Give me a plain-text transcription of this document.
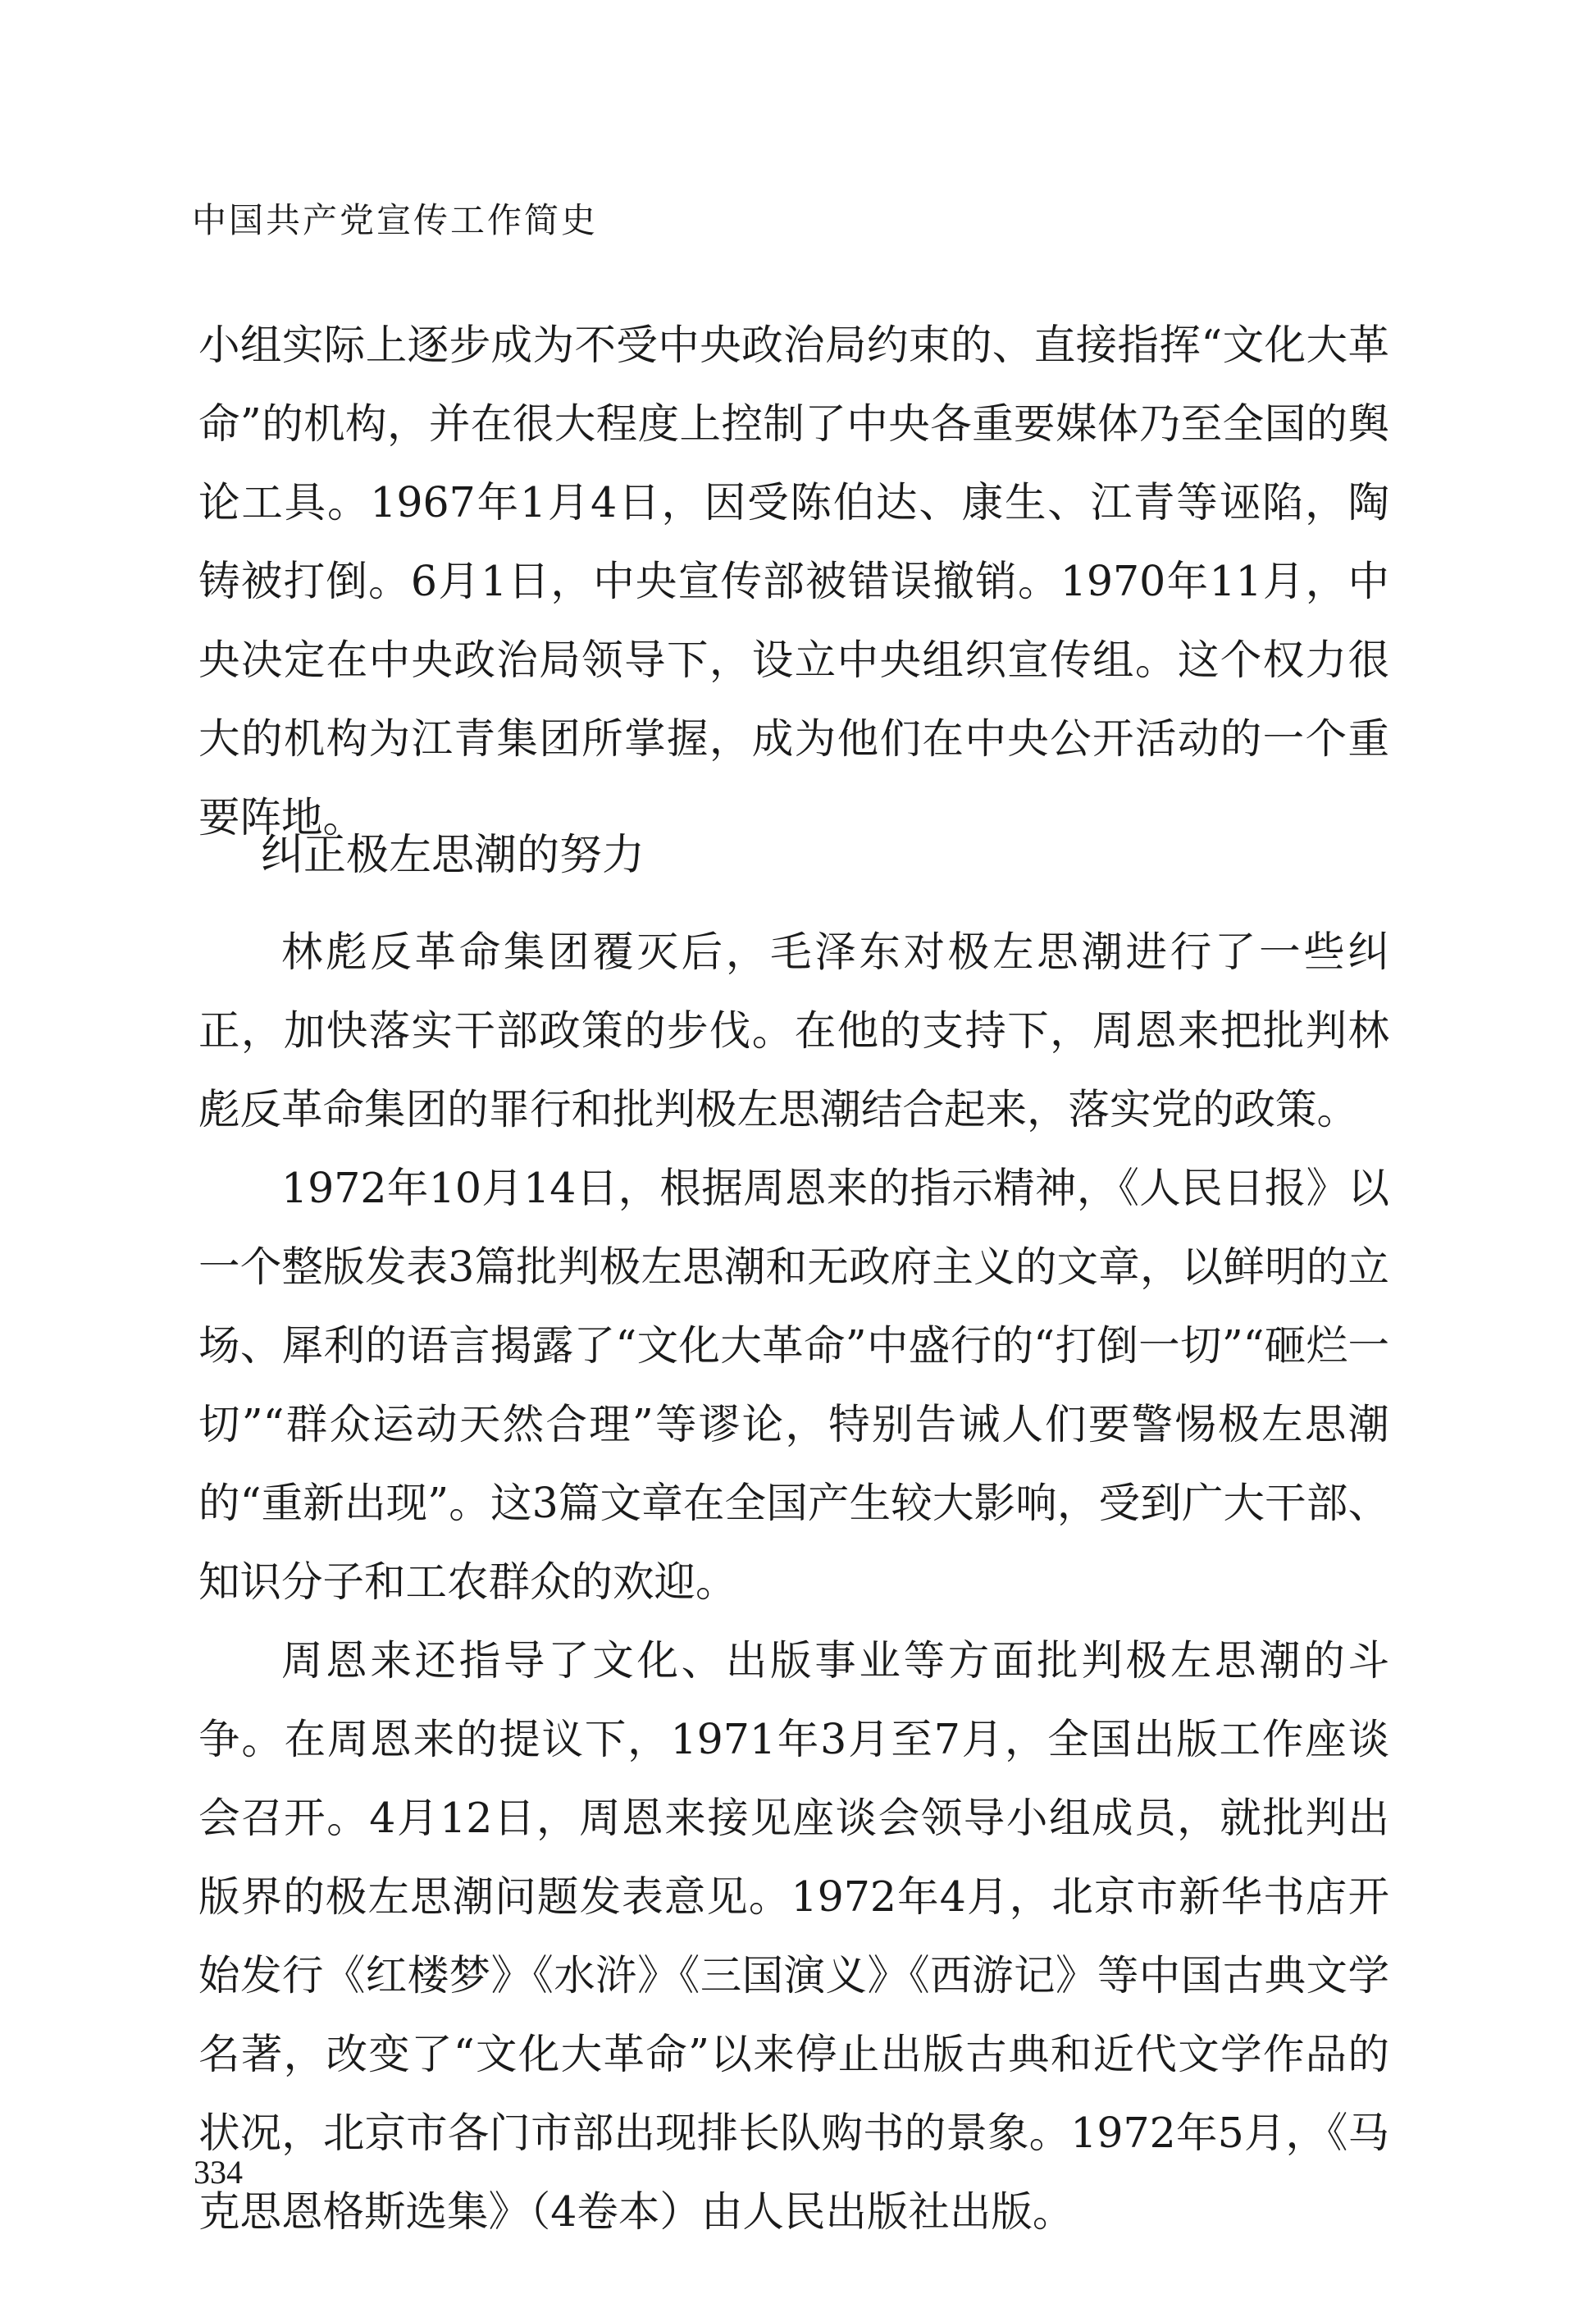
中国共产党宣传工作简史

小组实际上逐步成为不受中央政治局约束的、直接指挥“文化大革命”的机构，并在很大程度上控制了中央各重要媒体乃至全国的舆论工具。1967年1月4日，因受陈伯达、康生、江青等诬陷，陶铸被打倒。6月1日，中央宣传部被错误撤销。1970年11月，中央决定在中央政治局领导下，设立中央组织宣传组。这个权力很大的机构为江青集团所掌握，成为他们在中央公开活动的一个重要阵地。

纠正极左思潮的努力

林彪反革命集团覆灭后，毛泽东对极左思潮进行了一些纠正，加快落实干部政策的步伐。在他的支持下，周恩来把批判林彪反革命集团的罪行和批判极左思潮结合起来，落实党的政策。

1972年10月14日，根据周恩来的指示精神，《人民日报》以一个整版发表3篇批判极左思潮和无政府主义的文章，以鲜明的立场、犀利的语言揭露了“文化大革命”中盛行的“打倒一切”“砸烂一切”“群众运动天然合理”等谬论，特别告诫人们要警惕极左思潮的“重新出现”。这3篇文章在全国产生较大影响，受到广大干部、知识分子和工农群众的欢迎。

周恩来还指导了文化、出版事业等方面批判极左思潮的斗争。在周恩来的提议下，1971年3月至7月，全国出版工作座谈会召开。4月12日，周恩来接见座谈会领导小组成员，就批判出版界的极左思潮问题发表意见。1972年4月，北京市新华书店开始发行《红楼梦》《水浒》《三国演义》《西游记》等中国古典文学名著，改变了“文化大革命”以来停止出版古典和近代文学作品的状况，北京市各门市部出现排长队购书的景象。1972年5月，《马克思恩格斯选集》（4卷本）由人民出版社出版。

334
